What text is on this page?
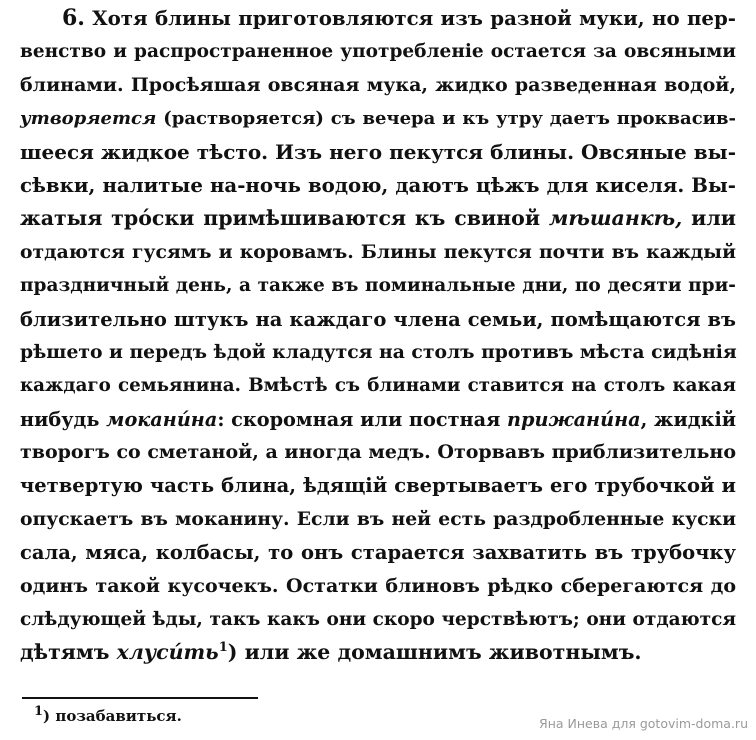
6. Хотя блины приготовляются изъ разной муки, но пер-
венство и распространенное употребленіе остается за овсяными
блинами. Просѣяшая овсяная мука, жидко разведенная водой,
утворяется (растворяется) съ вечера и къ утру даетъ проквасив-
шееся жидкое тѣсто. Изъ него пекутся блины. Овсяные вы-
сѣвки, налитые на-ночь водою, даютъ цѣжъ для киселя. Вы-
жатыя трóски примѣшиваются къ свиной мѣшанкѣ, или
отдаются гусямъ и коровамъ. Блины пекутся почти въ каждый
праздничный день, а также въ поминальные дни, по десяти при-
близительно штукъ на каждаго члена семьи, помѣщаются въ
рѣшето и передъ ѣдой кладутся на столъ противъ мѣста сидѣнія
каждаго семьянина. Вмѣстѣ съ блинами ставится на столъ какая
нибудь мокани́на: скоромная или постная прижани́на, жидкій
творогъ со сметаной, а иногда медъ. Оторвавъ приблизительно
четвертую часть блина, ѣдящій свертываетъ его трубочкой и
опускаетъ въ моканину. Если въ ней есть раздробленные куски
сала, мяса, колбасы, то онъ старается захватить въ трубочку
одинъ такой кусочекъ. Остатки блиновъ рѣдко сберегаются до
слѣдующей ѣды, такъ какъ они скоро черствѣютъ; они отдаются
дѣтямъ $хлуси́ть^1$) или же домашнимъ животнымъ.
1) позабавиться.	Яна Инева для gotovim-doma.ru
